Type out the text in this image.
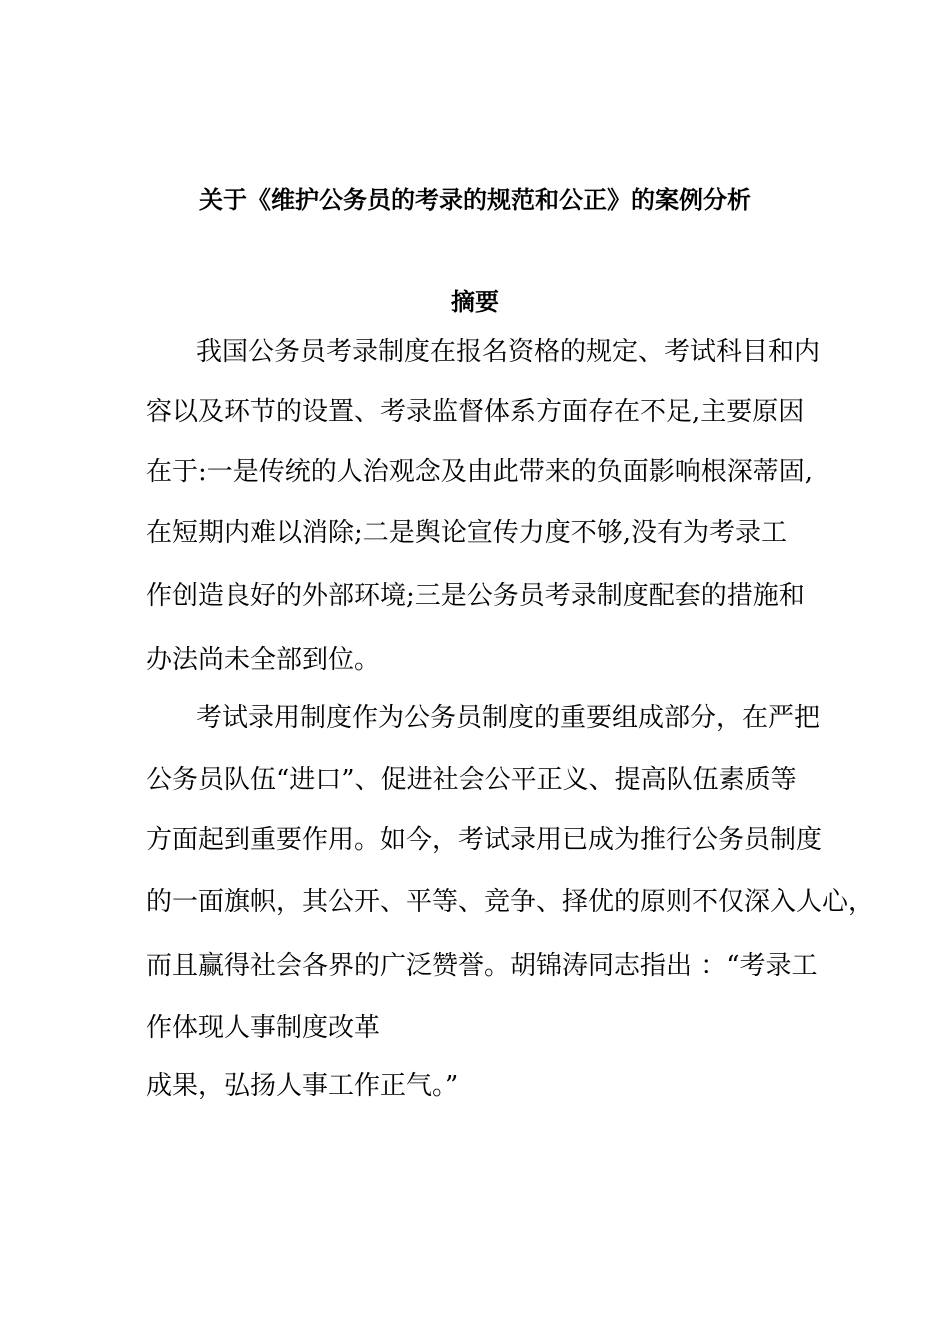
关于《维护公务员的考录的规范和公正》的案例分析
摘要
我国公务员考录制度在报名资格的规定、考试科目和内
容以及环节的设置、考录监督体系方面存在不足,主要原因
在于:一是传统的人治观念及由此带来的负面影响根深蒂固,
在短期内难以消除;二是舆论宣传力度不够,没有为考录工
作创造良好的外部环境;三是公务员考录制度配套的措施和
办法尚未全部到位。
考试录用制度作为公务员制度的重要组成部分，在严把
公务员队伍“进口”、促进社会公平正义、提高队伍素质等
方面起到重要作用。如今，考试录用已成为推行公务员制度
的一面旗帜，其公开、平等、竞争、择优的原则不仅深入人心，
而且赢得社会各界的广泛赞誉。胡锦涛同志指出 ：“考录工
作体现人事制度改革
成果，弘扬人事工作正气。”
